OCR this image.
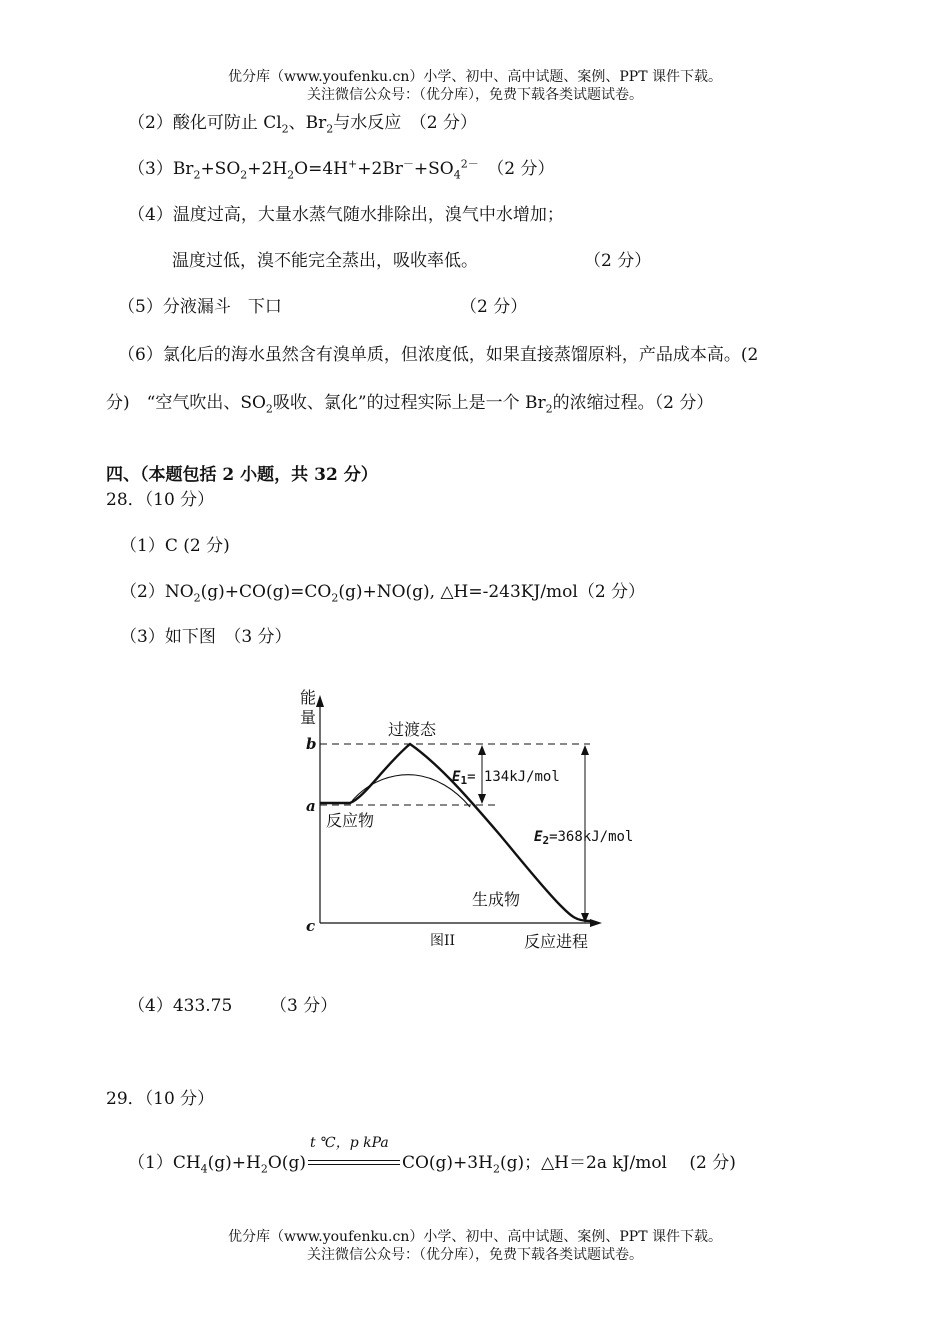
优分库（www.youfenku.cn）小学、初中、高中试题、案例、PPT 课件下载。
关注微信公众号：（优分库），免费下载各类试题试卷。
（2）酸化可防止 $Cl_2$、$Br_2$与水反应　（2 分）
$(3)Br_2+SO_2+2H_2O=4H^++2Br^-+SO_4^{2-}$　（2 分）
（4）温度过高，大量水蒸气随水排除出，溴气中水增加；
温度过低，溴不能完全蒸出，吸收率低。	（2 分）
（5）分液漏斗　下口	（2 分）
（6）氯化后的海水虽然含有溴单质，但浓度低，如果直接蒸馏原料，产品成本高。(2
分)　“空气吹出、$SO_2$吸收、氯化”的过程实际上是一个 $Br_2$的浓缩过程。（2 分）
四、（本题包括 2 小题，共 32 分）
28．（10 分）
（1）C (2 分)
$(2)NO_2(g)+CO(g)=CO_2(g)+NO(g)$, △H=-243KJ/mol（2 分）
（3）如下图　（3 分）
能
量
b
a
c
过渡态
反应物
生成物
反应进程
图II
$E_1= 134kJ/mol$
$E_2=368kJ$/mol
（4）433.75 （3 分）
29．（10 分）
$(1)CH_4(g)+H_2O(g)$
t ℃，p kPa
$CO(g)+3H_2(g)$；△H＝2a kJ/mol　 (2 分)
优分库（www.youfenku.cn）小学、初中、高中试题、案例、PPT 课件下载。
关注微信公众号：（优分库），免费下载各类试题试卷。
